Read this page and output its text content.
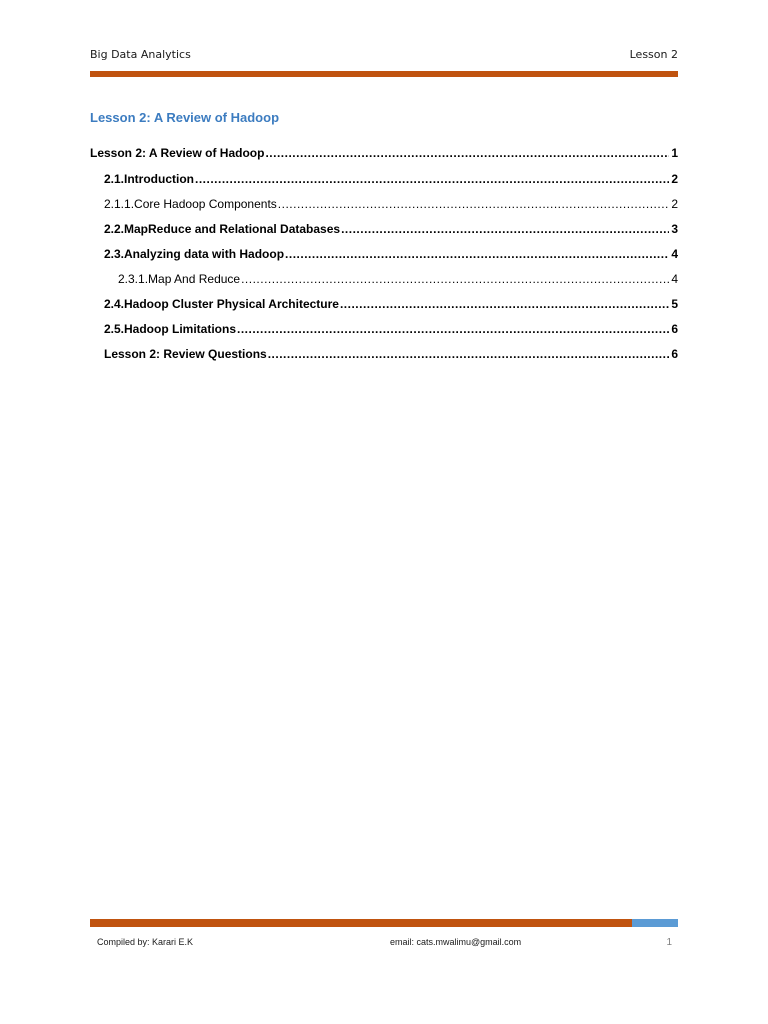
Big Data Analytics	Lesson 2
Lesson 2: A Review of Hadoop
Lesson 2: A Review of Hadoop .....	1
2.1. Introduction .....	2
2.1.1. Core Hadoop Components .....	2
2.2. MapReduce and Relational Databases .....	3
2.3. Analyzing data with Hadoop .....	4
2.3.1. Map And Reduce .....	4
2.4. Hadoop Cluster Physical Architecture .....	5
2.5. Hadoop Limitations .....	6
Lesson 2: Review Questions .....	6
Compiled by: Karari E.K	email: cats.mwalimu@gmail.com	1
